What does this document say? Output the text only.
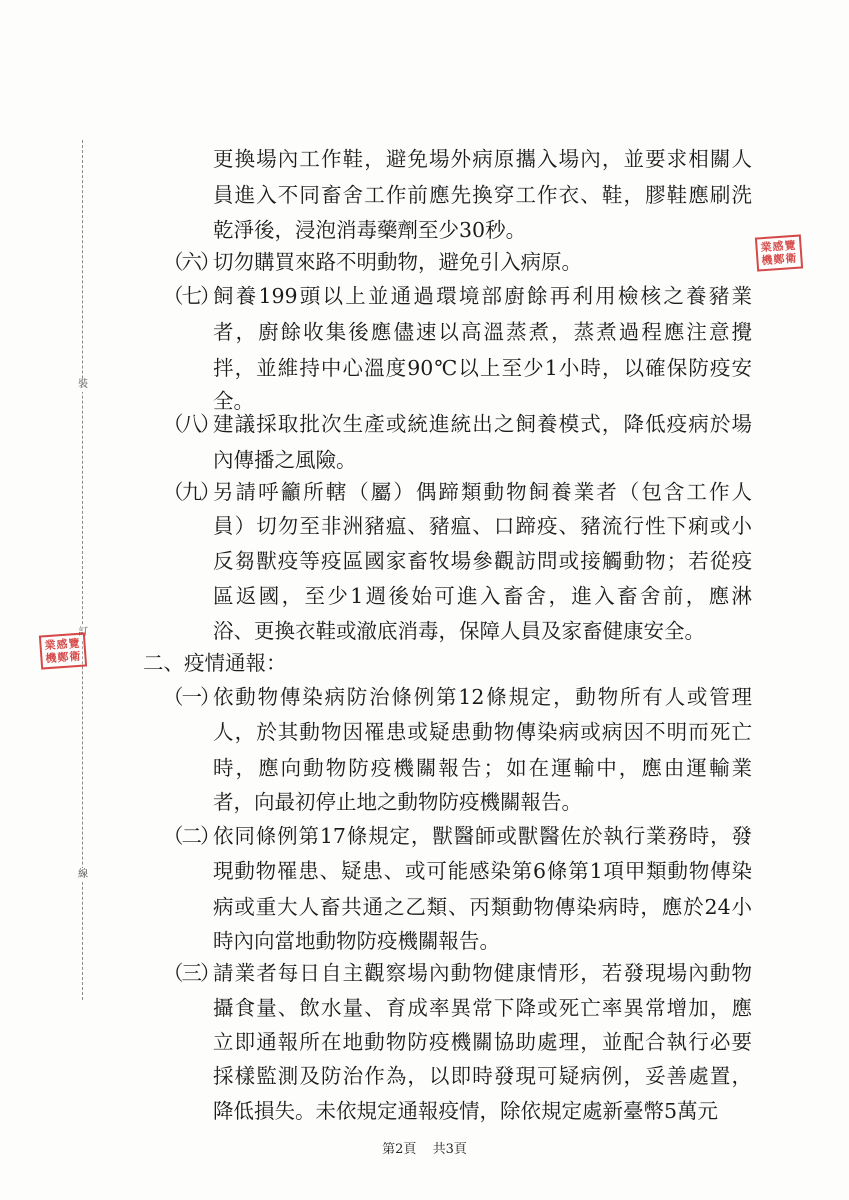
裝
訂
線
業感覽
機鄭衛
業感覽
機鄭衛
更換場內工作鞋，避免場外病原攜入場內，並要求相關人
員進入不同畜舍工作前應先換穿工作衣、鞋，膠鞋應刷洗
乾淨後，浸泡消毒藥劑至少30秒。
切勿購買來路不明動物，避免引入病原。
（六）
飼養199頭以上並通過環境部廚餘再利用檢核之養豬業
（七）
者，廚餘收集後應儘速以高溫蒸煮，蒸煮過程應注意攪
拌，並維持中心溫度90℃以上至少1小時，以確保防疫安
全。
建議採取批次生產或統進統出之飼養模式，降低疫病於場
（八）
內傳播之風險。
另請呼籲所轄（屬）偶蹄類動物飼養業者（包含工作人
（九）
員）切勿至非洲豬瘟、豬瘟、口蹄疫、豬流行性下痢或小
反芻獸疫等疫區國家畜牧場參觀訪問或接觸動物；若從疫
區返國，至少1週後始可進入畜舍，進入畜舍前，應淋
浴、更換衣鞋或澈底消毒，保障人員及家畜健康安全。
二、疫情通報：
依動物傳染病防治條例第12條規定，動物所有人或管理
（一）
人，於其動物因罹患或疑患動物傳染病或病因不明而死亡
時，應向動物防疫機關報告；如在運輸中，應由運輸業
者，向最初停止地之動物防疫機關報告。
依同條例第17條規定，獸醫師或獸醫佐於執行業務時，發
（二）
現動物罹患、疑患、或可能感染第6條第1項甲類動物傳染
病或重大人畜共通之乙類、丙類動物傳染病時，應於24小
時內向當地動物防疫機關報告。
請業者每日自主觀察場內動物健康情形，若發現場內動物
（三）
攝食量、飲水量、育成率異常下降或死亡率異常增加，應
立即通報所在地動物防疫機關協助處理，並配合執行必要
採樣監測及防治作為，以即時發現可疑病例，妥善處置，
降低損失。未依規定通報疫情，除依規定處新臺幣5萬元
第2頁 共3頁
